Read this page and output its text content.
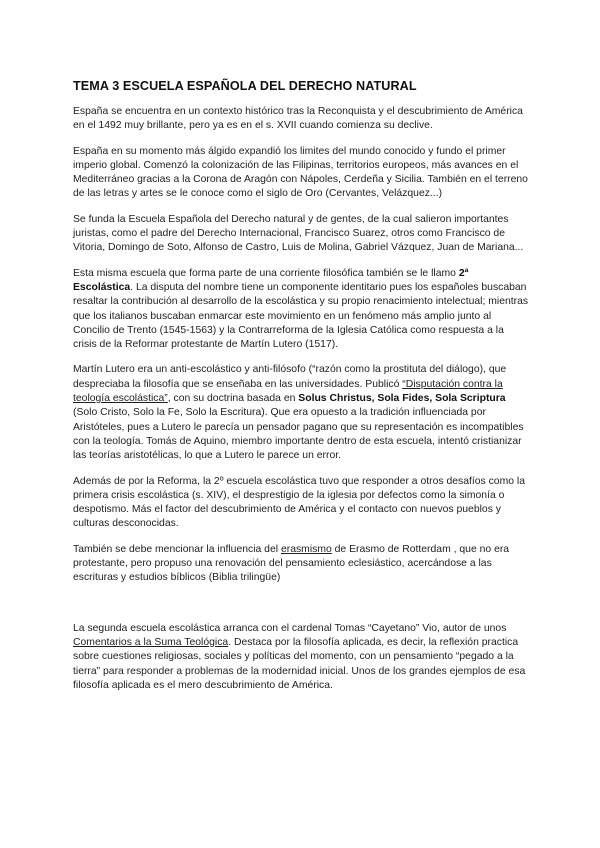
TEMA 3 ESCUELA ESPAÑOLA DEL DERECHO NATURAL

España se encuentra en un contexto histórico tras la Reconquista y el descubrimiento de América en el 1492 muy brillante, pero ya es en el s. XVII cuando comienza su declive.

España en su momento más álgido expandió los limites del mundo conocido y fundo el primer imperio global. Comenzó la colonización de las Filipinas, territorios europeos, más avances en el Mediterráneo gracias a la Corona de Aragón con Nápoles, Cerdeña y Sicilia. También en el terreno de las letras y artes se le conoce como el siglo de Oro (Cervantes, Velázquez...)

Se funda la Escuela Española del Derecho natural y de gentes, de la cual salieron importantes juristas, como el padre del Derecho Internacional, Francisco Suarez, otros como Francisco de Vitoria, Domingo de Soto, Alfonso de Castro, Luis de Molina, Gabriel Vázquez, Juan de Mariana...

Esta misma escuela que forma parte de una corriente filosófica también se le llamo 2ª Escolástica. La disputa del nombre tiene un componente identitario pues los españoles buscaban resaltar la contribución al desarrollo de la escolástica y su propio renacimiento intelectual; mientras que los italianos buscaban enmarcar este movimiento en un fenómeno más amplio junto al Concilio de Trento (1545-1563) y la Contrarreforma de la Iglesia Católica como respuesta a la crisis de la Reformar protestante de Martín Lutero (1517).

Martín Lutero era un anti-escolástico y anti-filósofo (“razón como la prostituta del diálogo), que despreciaba la filosofía que se enseñaba en las universidades. Publicó “Disputación contra la teología escolástica”, con su doctrina basada en Solus Christus, Sola Fides, Sola Scriptura (Solo Cristo, Solo la Fe, Solo la Escritura). Que era opuesto a la tradición influenciada por Aristóteles, pues a Lutero le parecía un pensador pagano que su representación es incompatibles con la teología. Tomás de Aquino, miembro importante dentro de esta escuela, intentó cristianizar las teorías aristotélicas, lo que a Lutero le parece un error.

Además de por la Reforma, la 2º escuela escolástica tuvo que responder a otros desafíos como la primera crisis escolástica (s. XIV), el desprestigio de la iglesia por defectos como la simonía o despotismo. Más el factor del descubrimiento de América y el contacto con nuevos pueblos y culturas desconocidas.

También se debe mencionar la influencia del erasmismo de Erasmo de Rotterdam , que no era protestante, pero propuso una renovación del pensamiento eclesiástico, acercándose a las escrituras y estudios bíblicos (Biblia trilingüe)

La segunda escuela escolástica arranca con el cardenal Tomas “Cayetano” Vio, autor de unos Comentarios a la Suma Teológica. Destaca por la filosofía aplicada, es decir, la reflexión practica sobre cuestiones religiosas, sociales y políticas del momento, con un pensamiento “pegado a la tierra” para responder a problemas de la modernidad inicial. Unos de los grandes ejemplos de esa filosofía aplicada es el mero descubrimiento de América.
